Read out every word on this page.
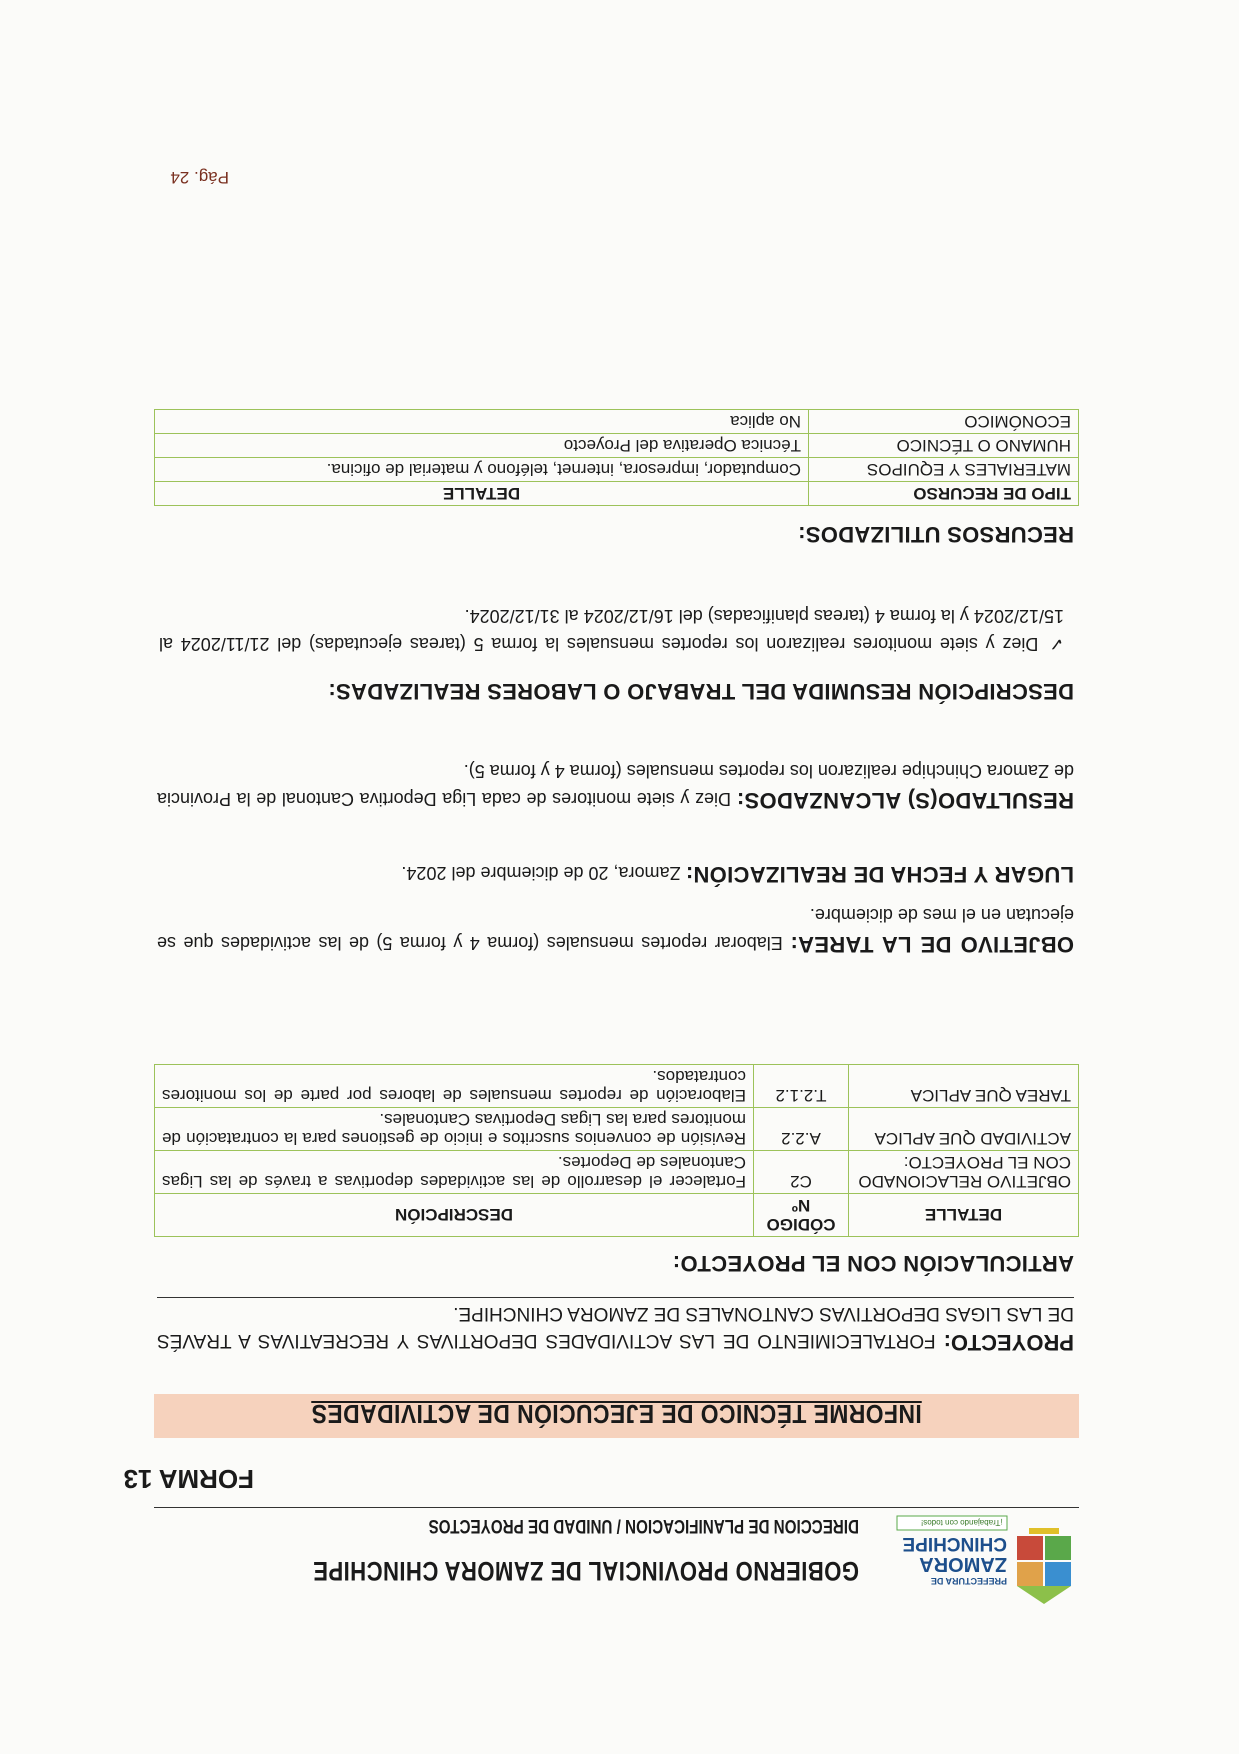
PREFECTURA DE
ZAMORA
CHINCHIPE
¡Trabajando con todos!
GOBIERNO PROVINCIAL DE ZAMORA CHINCHIPE
DIRECCION DE PLANIFICACION / UNIDAD DE PROYECTOS
FORMA 13
INFORME TÉCNICO DE EJECUCIÓN DE ACTIVIDADES
PROYECTO: FORTALECIMIENTO DE LAS ACTIVIDADES DEPORTIVAS Y RECREATIVAS A TRAVÉS DE LAS LIGAS DEPORTIVAS CANTONALES DE ZAMORA CHINCHIPE.
ARTICULACIÓN CON EL PROYECTO:
DETALLE	CÓDIGO Nº	DESCRIPCIÓN
OBJETIVO RELACIONADO CON EL PROYECTO:	C2	Fortalecer el desarrollo de las actividades deportivas a través de las Ligas Cantonales de Deportes.
ACTIVIDAD QUE APLICA	A.2.2	Revisión de convenios suscritos e inicio de gestiones para la contratación de monitores para las Ligas Deportivas Cantonales.
TAREA QUE APLICA	T.2.1.2	Elaboración de reportes mensuales de labores por parte de los monitores contratados.
OBJETIVO DE LA TAREA: Elaborar reportes mensuales (forma 4 y forma 5) de las actividades que se ejecutan en el mes de diciembre.
LUGAR Y FECHA DE REALIZACIÓN: Zamora, 20 de diciembre del 2024.
RESULTADO(S) ALCANZADOS: Diez y siete monitores de cada Liga Deportiva Cantonal de la Provincia de Zamora Chinchipe realizaron los reportes mensuales (forma 4 y forma 5).
DESCRIPCIÓN RESUMIDA DEL TRABAJO O LABORES REALIZADAS:
✓ Diez y siete monitores realizaron los reportes mensuales la forma 5 (tareas ejecutadas) del 21/11/2024 al 15/12/2024 y la forma 4 (tareas planificadas) del 16/12/2024 al 31/12/2024.
RECURSOS UTILIZADOS:
TIPO DE RECURSO	DETALLE
MATERIALES Y EQUIPOS	Computador, impresora, internet, teléfono y material de oficina.
HUMANO O TÉCNICO	Técnica Operativa del Proyecto
ECONÓMICO	No aplica
Pág. 24
